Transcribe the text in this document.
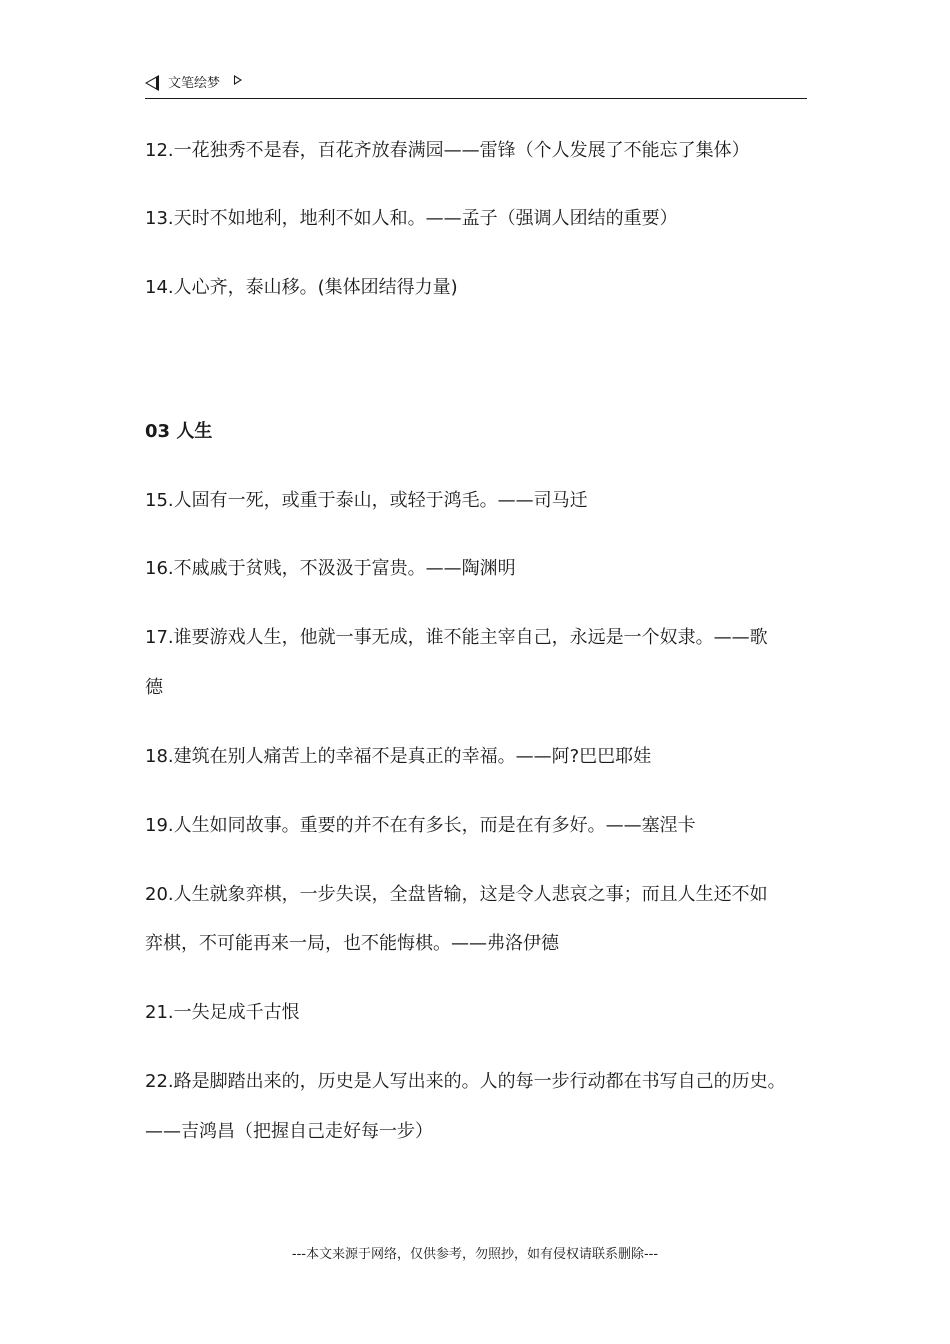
文笔绘梦
12.一花独秀不是春，百花齐放春满园——雷锋（个人发展了不能忘了集体）
13.天时不如地利，地利不如人和。——孟子（强调人团结的重要）
14.人心齐，泰山移。(集体团结得力量)
03 人生
15.人固有一死，或重于泰山，或轻于鸿毛。——司马迁
16.不戚戚于贫贱，不汲汲于富贵。——陶渊明
17.谁要游戏人生，他就一事无成，谁不能主宰自己，永远是一个奴隶。——歌
德
18.建筑在别人痛苦上的幸福不是真正的幸福。——阿?巴巴耶娃
19.人生如同故事。重要的并不在有多长，而是在有多好。——塞涅卡
20.人生就象弈棋，一步失误，全盘皆输，这是令人悲哀之事；而且人生还不如
弈棋，不可能再来一局，也不能悔棋。——弗洛伊德
21.一失足成千古恨
22.路是脚踏出来的，历史是人写出来的。人的每一步行动都在书写自己的历史。
——吉鸿昌（把握自己走好每一步）
---本文来源于网络，仅供参考，勿照抄，如有侵权请联系删除---
